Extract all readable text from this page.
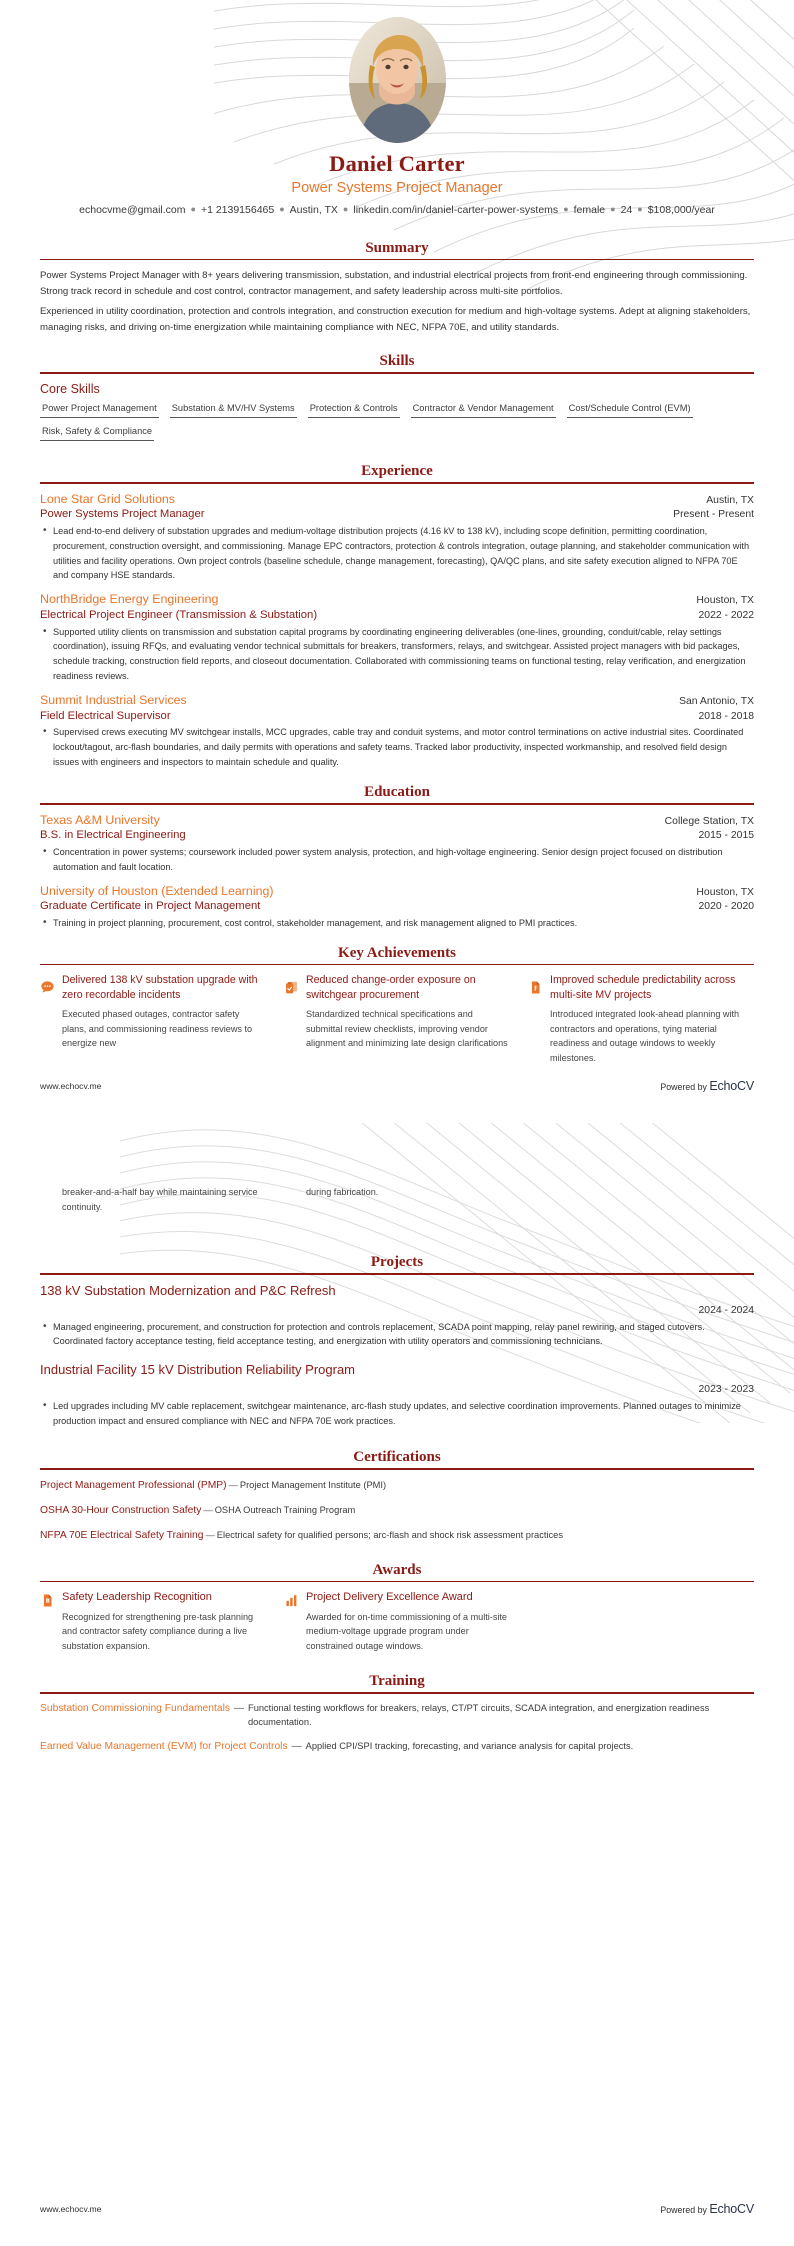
Daniel Carter
Power Systems Project Manager
echocvme@gmail.com ● +1 2139156465 ● Austin, TX ● linkedin.com/in/daniel-carter-power-systems ● female ● 24 ● $108,000/year
Summary

Power Systems Project Manager with 8+ years delivering transmission, substation, and industrial electrical projects from front-end engineering through commissioning. Strong track record in schedule and cost control, contractor management, and safety leadership across multi-site portfolios.

Experienced in utility coordination, protection and controls integration, and construction execution for medium and high-voltage systems. Adept at aligning stakeholders, managing risks, and driving on-time energization while maintaining compliance with NEC, NFPA 70E, and utility standards.

Skills
Core Skills
Power Project Management Substation & MV/HV Systems Protection & Controls Contractor & Vendor Management Cost/Schedule Control (EVM)
Risk, Safety & Compliance
Experience
Lone Star Grid Solutions	Austin, TX
Power Systems Project Manager	Present - Present
• Lead end-to-end delivery of substation upgrades and medium-voltage distribution projects (4.16 kV to 138 kV), including scope definition, permitting coordination, procurement, construction oversight, and commissioning. Manage EPC contractors, protection & controls integration, outage planning, and stakeholder communication with utilities and facility operations. Own project controls (baseline schedule, change management, forecasting), QA/QC plans, and site safety execution aligned to NFPA 70E and company HSE standards.
NorthBridge Energy Engineering	Houston, TX
Electrical Project Engineer (Transmission & Substation)	2022 - 2022
• Supported utility clients on transmission and substation capital programs by coordinating engineering deliverables (one-lines, grounding, conduit/cable, relay settings coordination), issuing RFQs, and evaluating vendor technical submittals for breakers, transformers, relays, and switchgear. Assisted project managers with bid packages, schedule tracking, construction field reports, and closeout documentation. Collaborated with commissioning teams on functional testing, relay verification, and energization readiness reviews.
Summit Industrial Services	San Antonio, TX
Field Electrical Supervisor	2018 - 2018
• Supervised crews executing MV switchgear installs, MCC upgrades, cable tray and conduit systems, and motor control terminations on active industrial sites. Coordinated lockout/tagout, arc-flash boundaries, and daily permits with operations and safety teams. Tracked labor productivity, inspected workmanship, and resolved field design issues with engineers and inspectors to maintain schedule and quality.
Education
Texas A&M University	College Station, TX
B.S. in Electrical Engineering	2015 - 2015
• Concentration in power systems; coursework included power system analysis, protection, and high-voltage engineering. Senior design project focused on distribution automation and fault location.
University of Houston (Extended Learning)	Houston, TX
Graduate Certificate in Project Management	2020 - 2020
• Training in project planning, procurement, cost control, stakeholder management, and risk management aligned to PMI practices.
Key Achievements
Delivered 138 kV substation upgrade with zero recordable incidents
Executed phased outages, contractor safety plans, and commissioning readiness reviews to energize new
Reduced change-order exposure on switchgear procurement
Standardized technical specifications and submittal review checklists, improving vendor alignment and minimizing late design clarifications
Improved schedule predictability across multi-site MV projects
Introduced integrated look-ahead planning with contractors and operations, tying material readiness and outage windows to weekly milestones.
www.echocv.me	Powered by EchoCV
breaker-and-a-half bay while maintaining service continuity.
during fabrication.
Projects
138 kV Substation Modernization and P&C Refresh
2024 - 2024
• Managed engineering, procurement, and construction for protection and controls replacement, SCADA point mapping, relay panel rewiring, and staged cutovers. Coordinated factory acceptance testing, field acceptance testing, and energization with utility operators and commissioning technicians.
Industrial Facility 15 kV Distribution Reliability Program
2023 - 2023
• Led upgrades including MV cable replacement, switchgear maintenance, arc-flash study updates, and selective coordination improvements. Planned outages to minimize production impact and ensured compliance with NEC and NFPA 70E work practices.
Certifications
Project Management Professional (PMP) — Project Management Institute (PMI)
OSHA 30-Hour Construction Safety — OSHA Outreach Training Program
NFPA 70E Electrical Safety Training — Electrical safety for qualified persons; arc-flash and shock risk assessment practices
Awards
Safety Leadership Recognition
Recognized for strengthening pre-task planning and contractor safety compliance during a live substation expansion.
Project Delivery Excellence Award
Awarded for on-time commissioning of a multi-site medium-voltage upgrade program under constrained outage windows.
Training
Substation Commissioning Fundamentals — Functional testing workflows for breakers, relays, CT/PT circuits, SCADA integration, and energization readiness documentation.
Earned Value Management (EVM) for Project Controls — Applied CPI/SPI tracking, forecasting, and variance analysis for capital projects.
www.echocv.me	Powered by EchoCV
